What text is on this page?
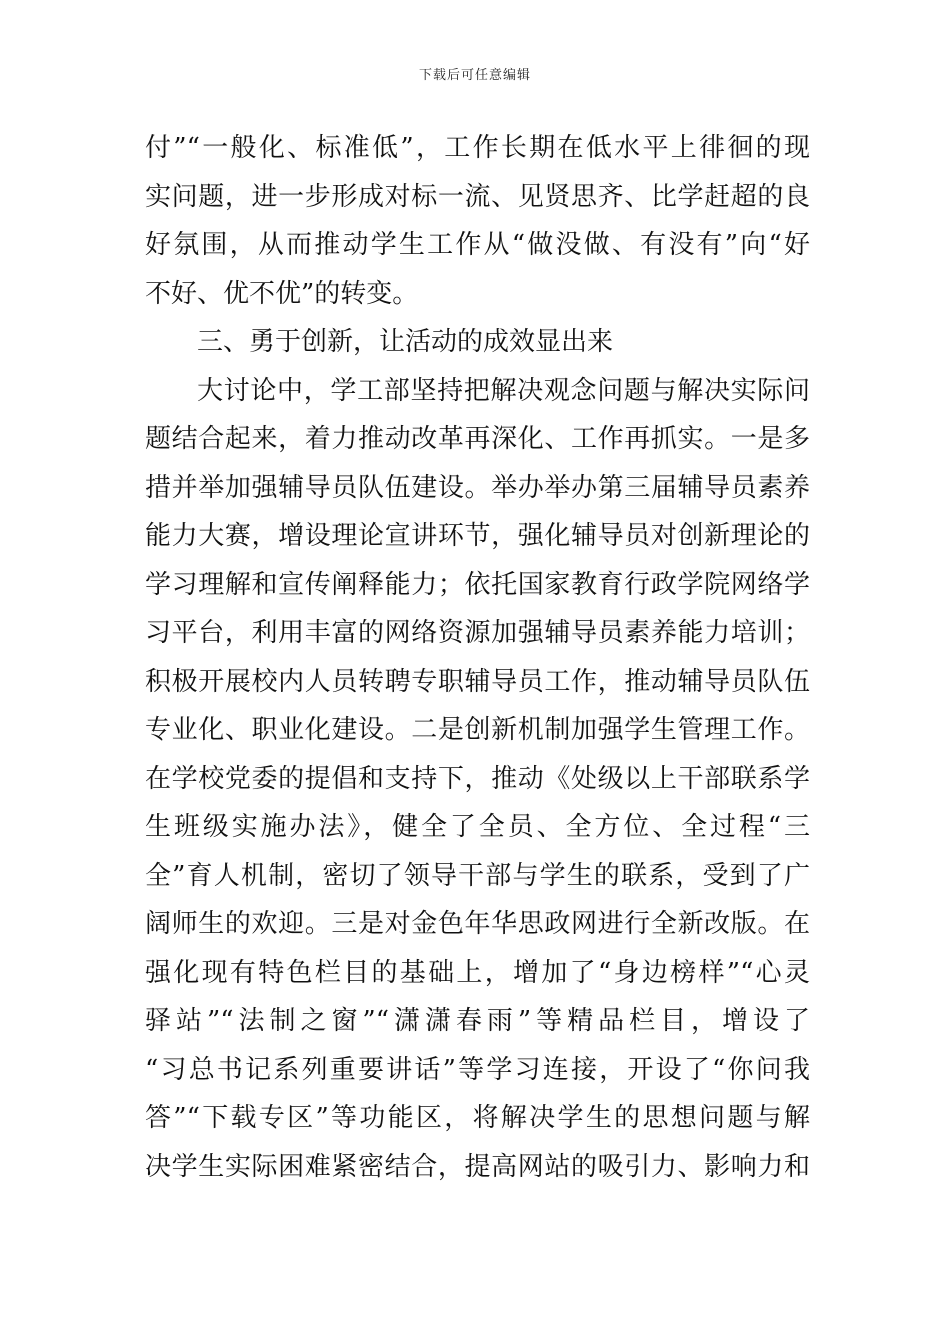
下载后可任意编辑
付”“一般化、标准低”，工作长期在低水平上徘徊的现
实问题，进一步形成对标一流、见贤思齐、比学赶超的良
好氛围，从而推动学生工作从“做没做、有没有”向“好
不好、优不优”的转变。
三、勇于创新，让活动的成效显出来
大讨论中，学工部坚持把解决观念问题与解决实际问
题结合起来，着力推动改革再深化、工作再抓实。一是多
措并举加强辅导员队伍建设。举办举办第三届辅导员素养
能力大赛，增设理论宣讲环节，强化辅导员对创新理论的
学习理解和宣传阐释能力；依托国家教育行政学院网络学
习平台，利用丰富的网络资源加强辅导员素养能力培训；
积极开展校内人员转聘专职辅导员工作，推动辅导员队伍
专业化、职业化建设。二是创新机制加强学生管理工作。
在学校党委的提倡和支持下，推动《处级以上干部联系学
生班级实施办法》，健全了全员、全方位、全过程“三
全”育人机制，密切了领导干部与学生的联系，受到了广
阔师生的欢迎。三是对金色年华思政网进行全新改版。在
强化现有特色栏目的基础上，增加了“身边榜样”“心灵
驿站”“法制之窗”“潇潇春雨”等精品栏目，增设了
“习总书记系列重要讲话”等学习连接，开设了“你问我
答”“下载专区”等功能区，将解决学生的思想问题与解
决学生实际困难紧密结合，提高网站的吸引力、影响力和
